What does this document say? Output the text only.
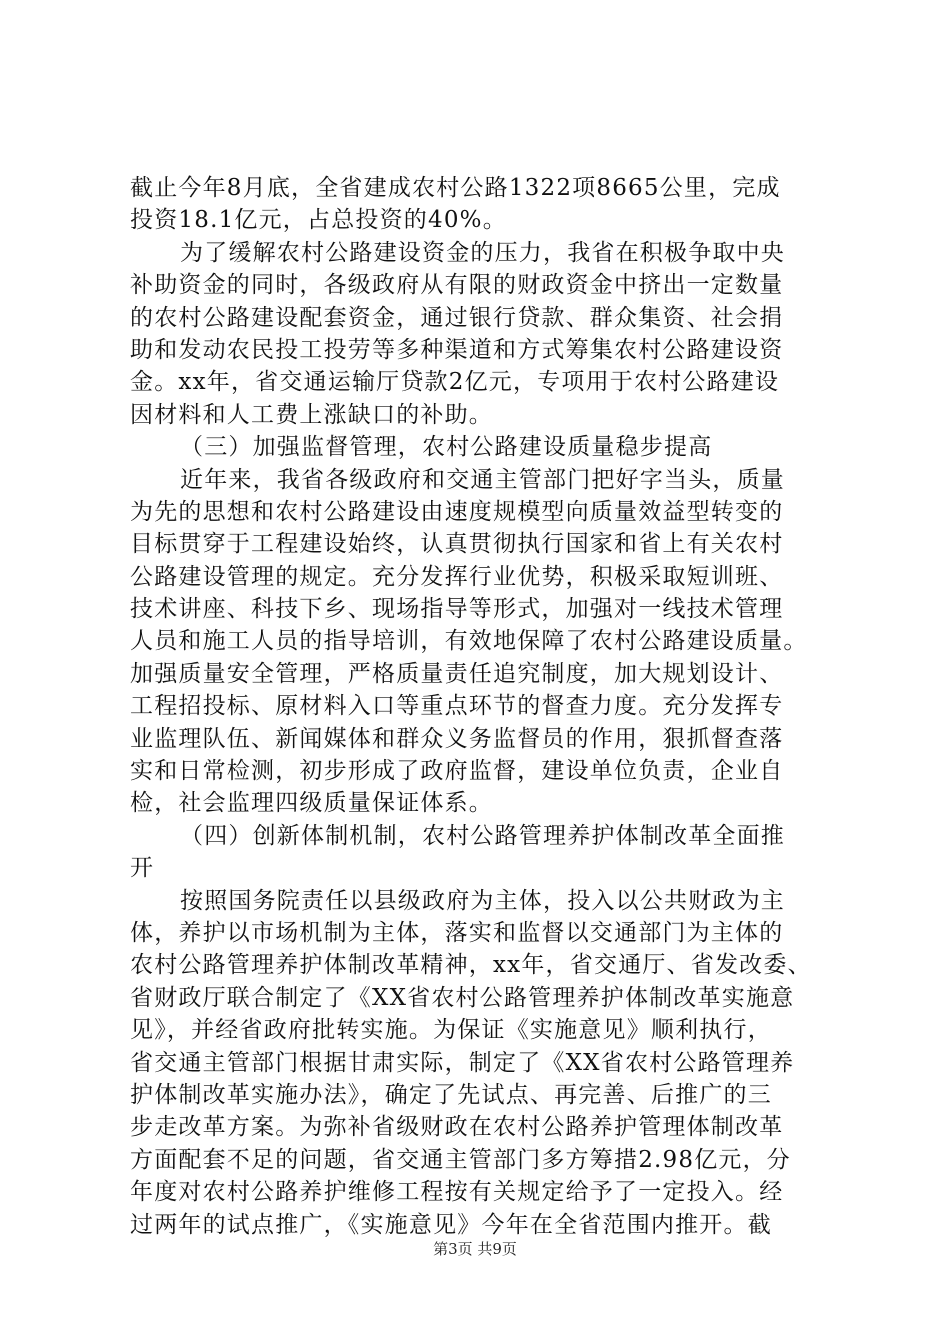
截止今年8月底，全省建成农村公路1322项8665公里，完成
投资18.1亿元，占总投资的40%。
为了缓解农村公路建设资金的压力，我省在积极争取中央
补助资金的同时，各级政府从有限的财政资金中挤出一定数量
的农村公路建设配套资金，通过银行贷款、群众集资、社会捐
助和发动农民投工投劳等多种渠道和方式筹集农村公路建设资
金。xx年，省交通运输厅贷款2亿元，专项用于农村公路建设
因材料和人工费上涨缺口的补助。
（三）加强监督管理，农村公路建设质量稳步提高
近年来，我省各级政府和交通主管部门把好字当头，质量
为先的思想和农村公路建设由速度规模型向质量效益型转变的
目标贯穿于工程建设始终，认真贯彻执行国家和省上有关农村
公路建设管理的规定。充分发挥行业优势，积极采取短训班、
技术讲座、科技下乡、现场指导等形式，加强对一线技术管理
人员和施工人员的指导培训，有效地保障了农村公路建设质量。
加强质量安全管理，严格质量责任追究制度，加大规划设计、
工程招投标、原材料入口等重点环节的督查力度。充分发挥专
业监理队伍、新闻媒体和群众义务监督员的作用，狠抓督查落
实和日常检测，初步形成了政府监督，建设单位负责，企业自
检，社会监理四级质量保证体系。
（四）创新体制机制，农村公路管理养护体制改革全面推
开
按照国务院责任以县级政府为主体，投入以公共财政为主
体，养护以市场机制为主体，落实和监督以交通部门为主体的
农村公路管理养护体制改革精神，xx年，省交通厅、省发改委、
省财政厅联合制定了《XX省农村公路管理养护体制改革实施意
见》，并经省政府批转实施。为保证《实施意见》顺利执行，
省交通主管部门根据甘肃实际，制定了《XX省农村公路管理养
护体制改革实施办法》，确定了先试点、再完善、后推广的三
步走改革方案。为弥补省级财政在农村公路养护管理体制改革
方面配套不足的问题，省交通主管部门多方筹措2.98亿元，分
年度对农村公路养护维修工程按有关规定给予了一定投入。经
过两年的试点推广，《实施意见》今年在全省范围内推开。截
第3页 共9页
